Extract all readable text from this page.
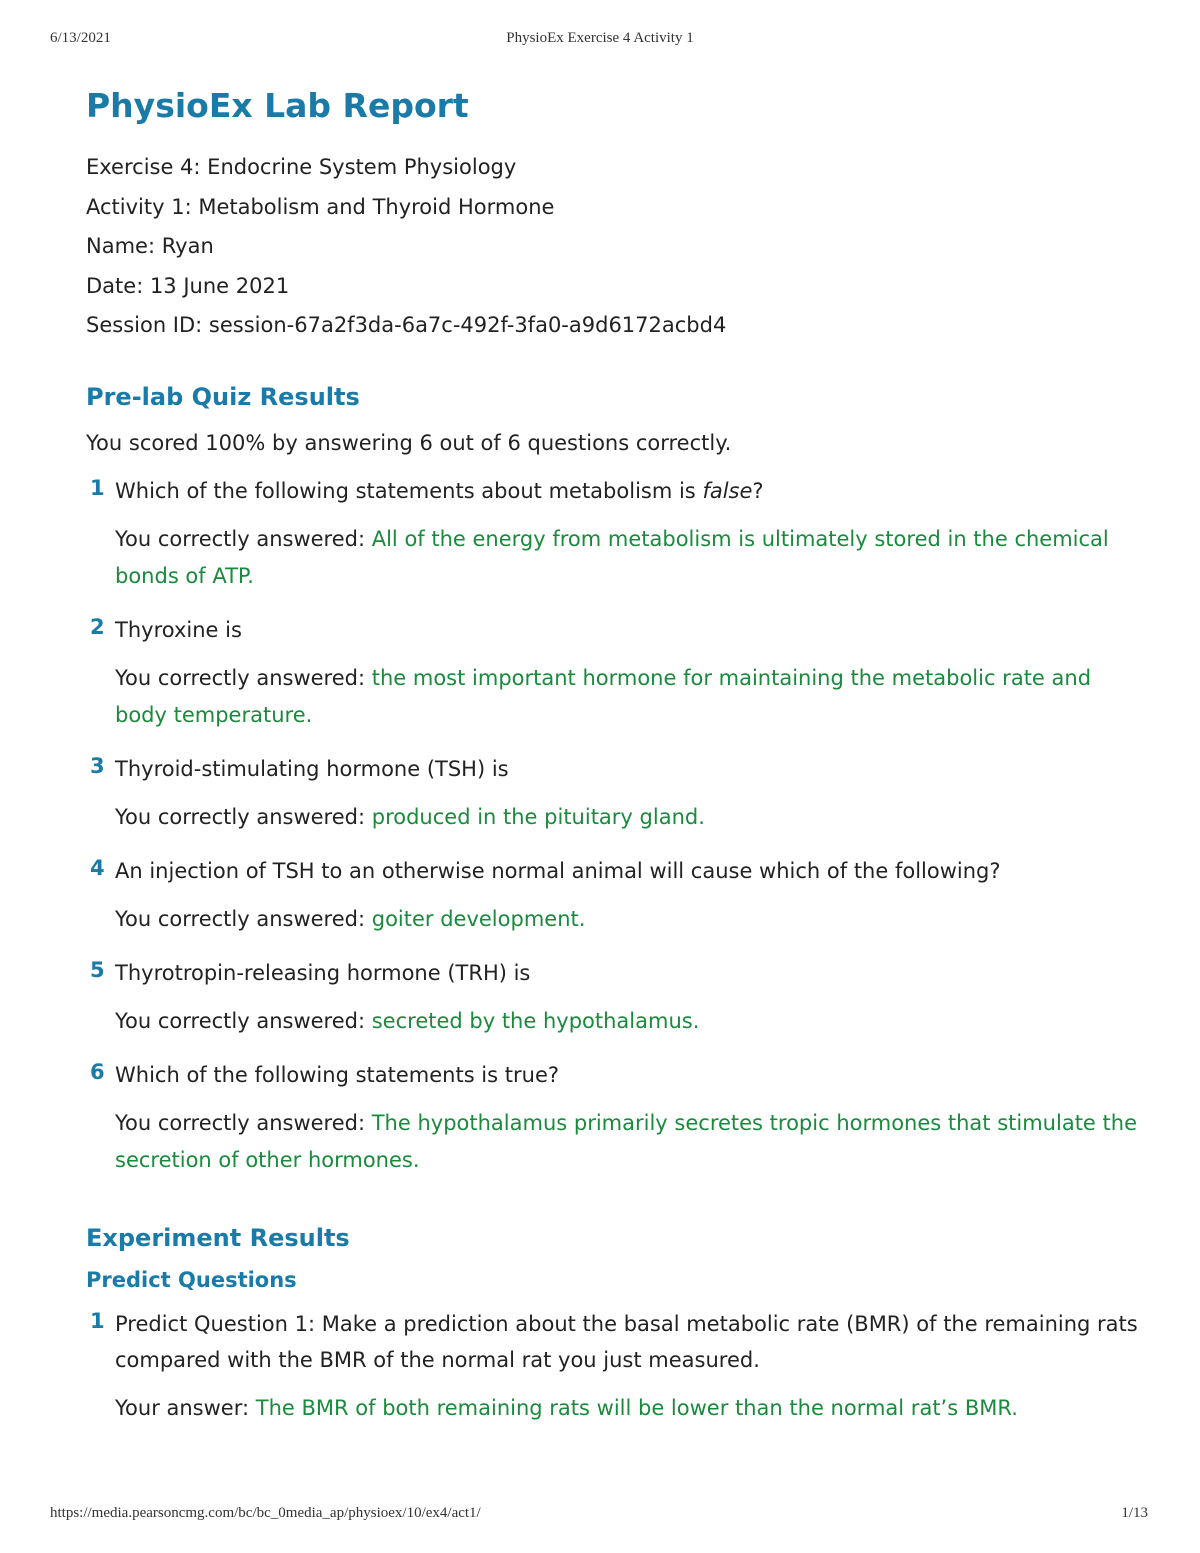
6/13/2021	PhysioEx Exercise 4 Activity 1
PhysioEx Lab Report
Exercise 4: Endocrine System Physiology
Activity 1: Metabolism and Thyroid Hormone
Name: Ryan
Date: 13 June 2021
Session ID: session-67a2f3da-6a7c-492f-3fa0-a9d6172acbd4
Pre-lab Quiz Results
You scored 100% by answering 6 out of 6 questions correctly.
1 Which of the following statements about metabolism is false?
You correctly answered: All of the energy from metabolism is ultimately stored in the chemical bonds of ATP.
2 Thyroxine is
You correctly answered: the most important hormone for maintaining the metabolic rate and body temperature.
3 Thyroid-stimulating hormone (TSH) is
You correctly answered: produced in the pituitary gland.
4 An injection of TSH to an otherwise normal animal will cause which of the following?
You correctly answered: goiter development.
5 Thyrotropin-releasing hormone (TRH) is
You correctly answered: secreted by the hypothalamus.
6 Which of the following statements is true?
You correctly answered: The hypothalamus primarily secretes tropic hormones that stimulate the secretion of other hormones.
Experiment Results
Predict Questions
1 Predict Question 1: Make a prediction about the basal metabolic rate (BMR) of the remaining rats compared with the BMR of the normal rat you just measured.
Your answer: The BMR of both remaining rats will be lower than the normal rat’s BMR.
https://media.pearsoncmg.com/bc/bc_0media_ap/physioex/10/ex4/act1/	1/13
